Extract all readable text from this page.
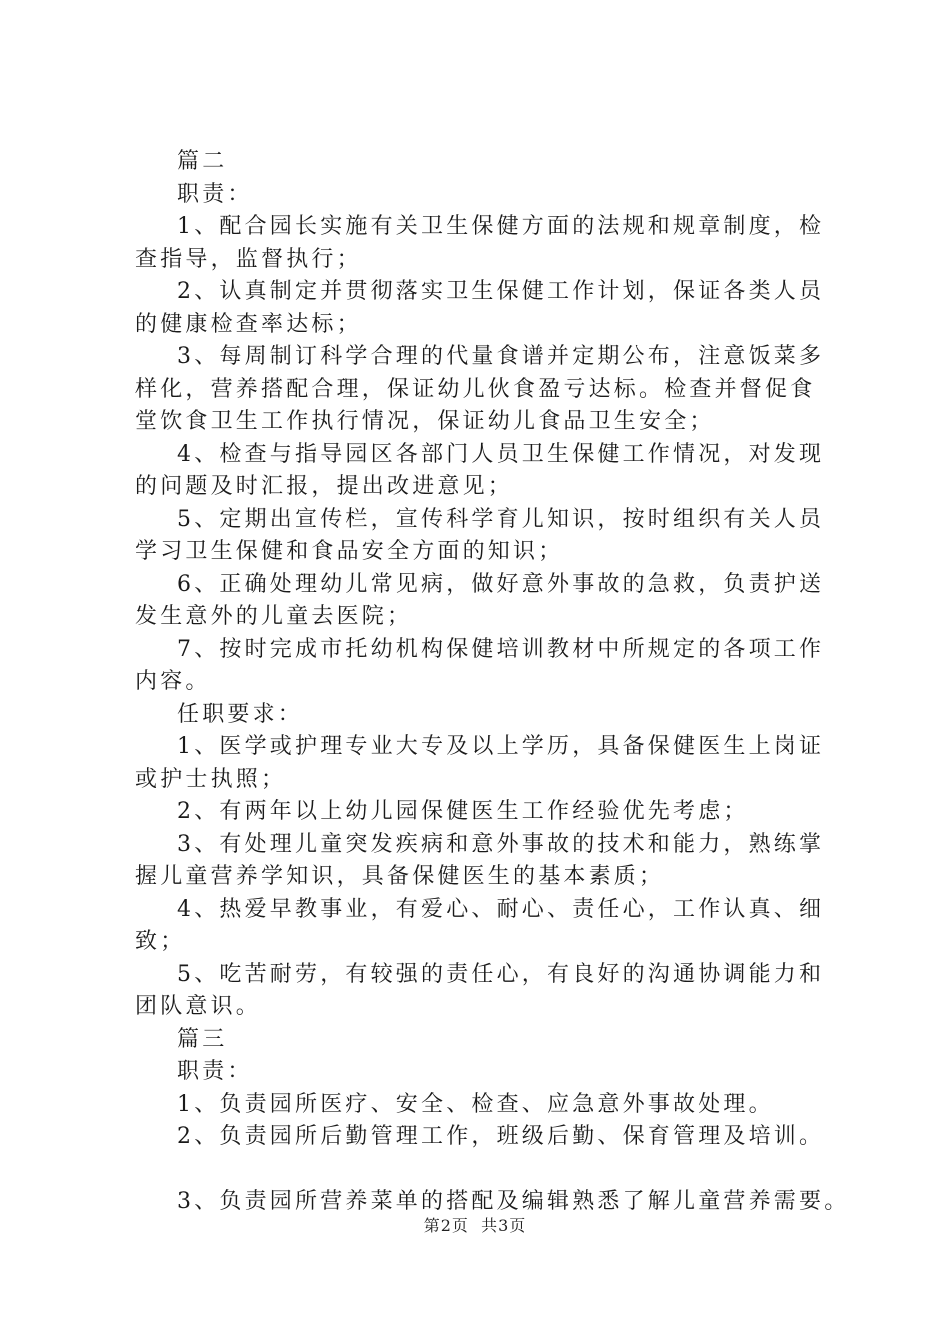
篇二
职责：
1、配合园长实施有关卫生保健方面的法规和规章制度，检
查指导，监督执行；
2、认真制定并贯彻落实卫生保健工作计划，保证各类人员
的健康检查率达标；
3、每周制订科学合理的代量食谱并定期公布，注意饭菜多
样化，营养搭配合理，保证幼儿伙食盈亏达标。检查并督促食
堂饮食卫生工作执行情况，保证幼儿食品卫生安全；
4、检查与指导园区各部门人员卫生保健工作情况，对发现
的问题及时汇报，提出改进意见；
5、定期出宣传栏，宣传科学育儿知识，按时组织有关人员
学习卫生保健和食品安全方面的知识；
6、正确处理幼儿常见病，做好意外事故的急救，负责护送
发生意外的儿童去医院；
7、按时完成市托幼机构保健培训教材中所规定的各项工作
内容。
任职要求：
1、医学或护理专业大专及以上学历，具备保健医生上岗证
或护士执照；
2、有两年以上幼儿园保健医生工作经验优先考虑；
3、有处理儿童突发疾病和意外事故的技术和能力，熟练掌
握儿童营养学知识，具备保健医生的基本素质；
4、热爱早教事业，有爱心、耐心、责任心，工作认真、细
致；
5、吃苦耐劳，有较强的责任心，有良好的沟通协调能力和
团队意识。
篇三
职责：
1、负责园所医疗、安全、检查、应急意外事故处理。
2、负责园所后勤管理工作，班级后勤、保育管理及培训。
3、负责园所营养菜单的搭配及编辑熟悉了解儿童营养需要。
第2页  共3页
